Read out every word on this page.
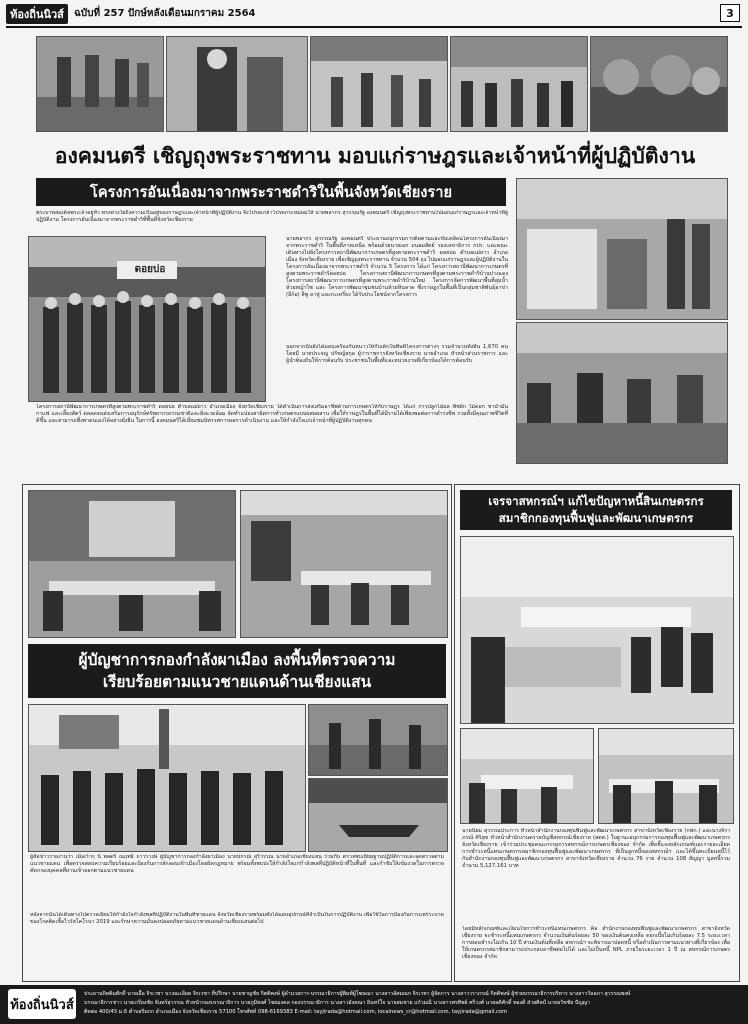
ท้องถิ่นนิวส์	ฉบับที่ 257 ปักษ์หลังเดือนมกราคม 2564	3
องคมนตรี เชิญถุงพระราชทาน มอบแก่ราษฎรและเจ้าหน้าที่ผู้ปฏิบัติงาน
โครงการอันเนื่องมาจากพระราชดำริในพื้นจังหวัดเชียงราย
พระบาทสมเด็จพระเจ้าอยู่หัว ทรงห่วงใยถึงความเป็นอยู่ของราษฎรและเจ้าหน้าที่ผู้ปฏิบัติงาน จึงโปรดเกล้าโปรดกระหม่อมให้ นายพลากร สุวรรณรัฐ องคมนตรี เชิญถุงพระราชทานไปมอบแก่ราษฎรและเจ้าหน้าที่ผู้ปฏิบัติงาน โครงการอันเนื่องมาจากพระราชดำริที่พื้นที่จังหวัดเชียงราย
ดอยบ่อ
นายพลากร สุวรรณรัฐ องคมนตรี ประธานอนุกรรมการติดตามและขับเคลื่อนโครงการอันเนื่องมาจากพระราชดำริ ในพื้นที่ภาคเหนือ พร้อมด้วยนายเอก ถนอมสัตย์ รองเลขาธิการ กปร. และคณะเดินทางไปยังโครงการสถานีพัฒนาการเกษตรที่สูงตามพระราชดำริ ดอยบ่อ ตำบลแม่ยาว อำเภอเมือง จังหวัดเชียงราย เพื่อเชิญถุงพระราชทาน จำนวน 504 ถุง ไปมอบแก่ราษฎรและผู้ปฏิบัติงานในโครงการอันเนื่องมาจากพระราชดำริ จำนวน 5 โครงการ ได้แก่ โครงการสถานีพัฒนาการเกษตรที่สูงตามพระราชดำริดอยบ่อ โครงการสถานีพัฒนาการเกษตรที่สูงตามพระราชดำริบ้านปางแดง โครงการสถานีพัฒนาการเกษตรที่สูงตามพระราชดำริบ้านใหม่ โครงการจัดการพัฒนาพื้นที่ลุ่มน้ำห้วยหญ้าไซ และ โครงการพัฒนาชุมชนบ้านห้วยหินลาด ซึ่งราษฎรในพื้นที่เป็นกลุ่มชาติพันธุ์อาข่า (อีก้อ) ลีซู ลาหู่ และกะเหรี่ยง ได้รับประโยชน์จากโครงการ
นอกจากนั้นยังได้มอบเครื่องกันหนาวให้กับเด็กในพื้นที่โครงการต่างๆ รวมจำนวนทั้งสิ้น 1,670 คน โดยมี นายประจญ ปรัชญ์สกุล ผู้ว่าราชการจังหวัดเชียงราย นายอำเภอ หัวหน้าส่วนราชการ และผู้นำท้องถิ่นให้การต้อนรับ ประชาชนในพื้นที่และหน่วยงานที่เกี่ยวข้องได้การต้อนรับ
โครงการสถานีพัฒนาการเกษตรที่สูงตามพระราชดำริ ดอยบ่อ ตำบลแม่ยาว อำเภอเมือง จังหวัดเชียงราย ได้ดำเนินการส่งเสริมอาชีพด้านการเกษตรให้กับราษฎร ได้แก่ การปลูกไม้ผล พืชผัก ไม้ดอก ชาน้ำมัน กาแฟ และเลี้ยงสัตว์ ตลอดจนส่งเสริมการอนุรักษ์ทรัพยากรธรรมชาติและสิ่งแวดล้อม จัดทำแปลงสาธิตการทำเกษตรแบบผสมผสาน เพื่อให้ราษฎรในพื้นที่ได้มีรายได้เพียงพอต่อการดำรงชีพ รวมทั้งมีคุณภาพชีวิตที่ดีขึ้น และสามารถพึ่งพาตนเองได้อย่างยั่งยืน ในการนี้ องคมนตรีได้เยี่ยมชมนิทรรศการผลการดำเนินงาน และให้กำลังใจแก่เจ้าหน้าที่ผู้ปฏิบัติงานทุกคน
ผู้บัญชาการกองกำลังผาเมือง ลงพื้นที่ตรวจความ
เรียบร้อยตามแนวชายแดนด้านเชียงแสน
ผู้สื่อข่าวรายงานว่า เมื่อเร็วๆ นี้ พลตรี ณฤทธิ์ ถาวรวงษ์ ผู้บัญชาการกองกำลังผาเมือง นายปกรณ์ สุริวรรณ นายอำเภอเชียงแสน ร่วมกับ ตรวจพบเยี่ยมฐานปฏิบัติการและจุดตรวจตามแนวชายแดน เพื่อตรวจสอบความเรียบร้อยและป้องกันการลักลอบเข้าเมืองโดยผิดกฎหมาย พร้อมทั้งพบปะให้กำลังใจแก่กำลังพลที่ปฏิบัติหน้าที่ในพื้นที่ และกำชับให้เข้มงวดในการตรวจคัดกรองบุคคลที่ผ่านเข้าออกตามแนวชายแดน
หลังจากนั้นได้เดินทางไปตรวจเยี่ยมให้กำลังใจกำลังพลที่ปฏิบัติงานในพื้นที่ชายแดน จังหวัดเชียงรายพร้อมทั้งได้มอบอุปกรณ์ที่จำเป็นในการปฏิบัติงาน เพื่อใช้ในการป้องกันการแพร่ระบาดของโรคติดเชื้อไวรัสโคโรนา 2019 และรักษาความมั่นคงปลอดภัยตามแนวชายแดนด้านเชียงแสนต่อไป
เจรจาสหกรณ์ฯ แก้ไขปัญหาหนี้สินเกษตรกร
สมาชิกกองทุนฟื้นฟูและพัฒนาเกษตรกร
นายนิยม สุวรรณประการ หัวหน้าสำนักงานกองทุนฟื้นฟูและพัฒนาเกษตรกร สาขาจังหวัดเชียงราย (กฟก.) และนางจิราภรณ์ ศิริสุข หัวหน้าสำนักงานตรวจบัญชีสหกรณ์เชียงราย (สตส.) ในฐานะอนุกรรมการกองทุนฟื้นฟูและพัฒนาเกษตรกร จังหวัดเชียงราย เข้าร่วมประชุมคณะกรรมการสหกรณ์การเกษตรเชียงของ จำกัด เพื่อชี้แจงหลักเกณฑ์และรายละเอียดการชำระหนี้แทนเกษตรกรสมาชิกกองทุนฟื้นฟูและพัฒนาเกษตรกร ที่เป็นลูกหนี้ของสหกรณ์ฯ และได้ขึ้นทะเบียนหนี้ไว้กับสำนักงานกองทุนฟื้นฟูและพัฒนาเกษตรกร สาขาจังหวัดเชียงราย จำนวน 76 ราย จำนวน 108 สัญญา มูลหนี้รวม จำนวน 5,127,161 บาท
โดยมีหลักเกณฑ์และเงื่อนไขการชำระหนี้แทนเกษตรกร คือ สำนักงานกองทุนฟื้นฟูและพัฒนาเกษตรกร สาขาจังหวัดเชียงราย จะชำระหนี้แทนเกษตรกร จำนวนเงินต้นร้อยละ 50 ของเงินต้นคงเหลือ ดอกเบี้ยไม่เกินร้อยละ 7.5 ระยะเวลาการผ่อนชำระไม่เกิน 10 ปี ส่วนเงินต้นที่เหลือ สหกรณ์ฯ จะพิจารณาปลดหนี้ หรือดำเนินการตามแนวทางที่เกี่ยวข้อง เพื่อให้เกษตรกรสมาชิกสามารถประกอบอาชีพต่อไปได้ และไม่เป็นหนี้ NPL ภายในระยะเวลา 1 ปี ณ สหกรณ์การเกษตรเชียงของ จำกัด
ท้องถิ่นนิวส์
ประธานกิตติมศักดิ์ นายเอื้อ จิรเวชา นางละเอียด จิรเวชา ที่ปรึกษา นายชาญชัย กิตติพงษ์ ผู้อำนวยการ-บรรณาธิการผู้พิมพ์ผู้โฆษณา นางสาวอัศมณก จิรเวชา ผู้จัดการ นางสาววราภรณ์ กิตติพงษ์ ผู้ช่วยบรรณาธิการบริหาร นางสาววัลลภา สุวรรณพงษ์
บรรณาธิการข่าว นายเกรียงชัย จันทร์สุวรรณ หัวหน้ากองบรรณาธิการ นายภูมิพงศ์ ไชยมงคล กองบรรณาธิการ นางสาวอังคณา อินทร์ใจ นายสมชาย แก้วมณี นางสาวพรทิพย์ ศรีวงศ์ นายอดิศักดิ์ ทองดี ฝ่ายศิลป์ นายธวัชชัย ปัญญา
ติดต่อ 400/45 ม.6 ตำบลริมกก อำเภอเมือง จังหวัดเชียงราย 57100 โทรศัพท์ 098-6169383 E-mail: tayjirada@hotmail.com, localnews_cr@hotmail.com, tayjirada@gmail.com
